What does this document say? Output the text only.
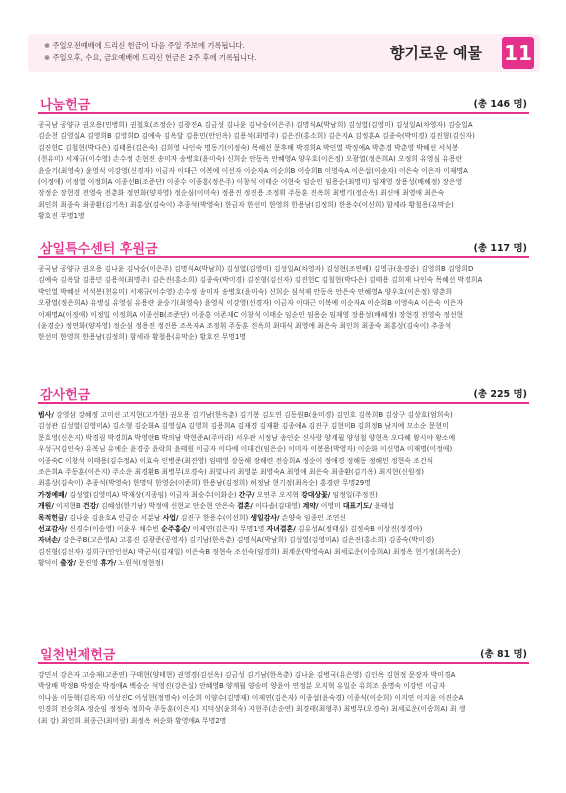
※ 주일오전예배에 드리신 헌금이 다음 주일 주보에 기록됩니다.
※ 주일오후, 수요, 금요예배에 드리신 헌금은 2주 후에 기록됩니다.	향기로운 예물 11
나눔헌금	(총 146 명)
공국남 공양규 권오용(민병희) 권철호(조정순) 김광진A 김금성 김나윤 김낙승(이은주) 김명식A(박남희) 김성열(김영미) 김성일A(차영자) 김승일A
김순천 김영실A 김영희B 김영희D 김예숙 김옥달 김용민(안인옥) 김용석(최명주) 김은진(홍소희) 김은지A 김정훈A 김종숙(박미경) 김진형(김신자)
김진헌C 김철현(박다은) 김태용(김은숙) 김희영 나인숙 명동기(이정숙) 목혜선 문후배 박경희A 박인열 박정예A 박춘경 박춘영 박혜선 서석봉
(천유미) 서재규(이수영) 손수정 손현진 송미자 송병호(윤미숙) 신희순 안동옥 안혜영A 양우호(이은정) 오광열(정은희A) 오정희 유영심 유용란
윤승기(최영숙) 윤영식 이강영(신경자) 이금자 이대근 이복예 이선자 이순자A 이순희B 이승희B 이영숙A 이은섭(이송자) 이은숙 이은자 이재명A
(이정애) 이정열 이정희A 이종선B(조준단) 이종수 이종흥(정은주) 이창석 이태순 이현숙 임순인 임용순(최명미) 임재영 장용성(배혜정) 장은영
장정순 장현경 전영숙 전춘화 정연화(양자영) 정순심(이미숙) 정용진 정진용 조정휘 주동훈 진옥희 최병기(정순옥) 최신애 최영애 최은숙
최인희 최종숙 최종환(김기옥) 최홍상(김숙이) 추종석(박영숙) 한금자 한선미 한영희 한용남(김정희) 한용수(이선희) 함세라 황철용(유막순)
황호진 무명1명
삼일특수센터 후원금	(총 117 명)
공국남 공양규 권오용 김나윤 김낙승(이은주) 김명식A(박남희) 김성열(김영미) 김성일A(차영자) 김성현(조연배) 김영규(윤경중) 김영희B 김영희D
김예숙 김옥달 김용민 김용석(최명주) 김은진(홍소희) 김종숙(박미경) 김진형(김신자) 김진헌C 김철현(박다은) 김태용 김희재 나인숙 목혜선 박경희A
박인열 박혜선 서석봉(천유미) 서재규(이수영) 손수정 송미자 송병호(윤미숙) 신희순 심석재 안동옥 안은숙 안혜영A 양우호(이은정) 양춘희
오광열(정은희A) 유병실 유영심 유용란 윤승기(최영숙) 윤영식 이강영(신경자) 이금자 이대근 이복예 이순자A 이순희B 이영숙A 이은숙 이은자
이재명A(이정애) 이정일 이정희A 이종선B(조준단) 이종흥 이존재C 이창석 이태순 임순인 임용순 임재영 장용성(배혜정) 장현경 전영숙 정선현
(윤경순) 정연화(양자영) 정순심 정용진 정진용 조옥자A 조정휘 주동훈 진옥희 최대식 최영애 최은숙 최인희 최종숙 최홍상(김숙이) 추종석
한선미 한영희 한용남(김정희) 함세라 황철용(유막순) 황호진 무명1명
감사헌금	(총 225 명)
범사/ 강영삼 강혜정 고미선 고지현(고가현) 권오용 김기남(한옥춘) 김기봉 김도연 김동원B(윤미경) 김민호 김복희B 김상구 김상호(엄희숙)
김성관 김성열(김영미A) 김소형 김순화A 김영실A 김영희 김용희A 김재경 김재환 김종애A 김진구 김현미B 김희정B 남지예 모소순 문현미
문호영(신은지) 박경림 박경희A 박영란B 박의남 박현준A(주아라) 서우관 서정남 송인순 신사랑 양계월 양성철 양현옥 오다혜 왕시야 왕소예
우성구(김인숙) 유복님 유예순 윤경중 윤락희 윤태원 이금자 이다예 이대건(임은순) 이미자 이봉용(박영자) 이순화 이신영A 이재명(이정애)
이종숙C 이창석 이태용(김수정A) 이효숙 인병준(최진영) 임태영 장동해 장해련 전승희A 정순이 정애경 정해동 정해민 정현숙 조건식
조은희A 주동훈(이은지) 주소운 최경환B 최병무(오경숙) 최빛나리 최영분 최영숙A 최영애 최은숙 최종환(김기옥) 최지현(신원정)
최홍상(김숙이) 추종석(박영숙) 한명덕 한영순(이준희) 한용남(김정희) 허정남 현기정(최옥순) 홍경란 무명29명
가정예배/ 김성열(김영미A) 박재상(지종임) 이금자 최승수(이화순) 간구/ 오연주 오지혁 강대상꽃/ 임정일(주정진)
개원/ 이지현B 건강/ 김혜성(한기남) 박정애 신현교 안순현 안은숙 결혼/ 이다솔(김대영) 계약/ 이영미 대표기도/ 윤태섭
목적헌금/ 김나윤 김윤호A 인금순 서분남 사업/ 김진구 한용수(이선희) 생일감사/ 손양숙 임종인 조연신
선교감사/ 신경수(이승영) 이윤우 채수빈 순주홍순/ 이제연(김은자) 무명1명 자녀결혼/ 김유성A(정태심) 김정숙B 이상진(정경아)
자녀손/ 강은주B(고은영A) 고홍진 김광준(공영자) 김기남(한옥춘) 김명식A(박남희) 김성열(김영미A) 김은진(홍소희) 김종숙(박미경)
김진형(김신자) 김희구(안인선A) 박군식(김재일) 이은숙B 정현숙 조선숙(임경희) 최계운(박영숙A) 최세로운(이승희A) 최정옥 현기정(최옥순)
황덕이 출장/ 문진영 휴가/ 노원석(정현정)
일천번제헌금	(총 81 명)
강민서 강은자 고승재(고준연) 구태현(양태현) 권영경(김선옥) 김금성 김기남(한옥춘) 김나윤 김병국(유은영) 김인옥 김현정 문장자 박미경A
박상배 박정B 박정순 박정애A 백승순 석영진(강은실) 안혜영B 양계월 양승비 양윤아 연정분 오지혁 유일순 유희조 윤명숙 이강빈 이금자
이나음 이동혁(김옥자) 이상진C 이성현(정명숙) 이순희 이양수(김명재) 이제연(김은자) 이종섭(윤숙경) 이종식(이순희) 이지연 이지음 이진순A
인경희 전승희A 정순임 정정숙 정희숙 주동훈(이은지) 지덕상(윤희숙) 지현주(손순연) 최경태(최형주) 최병무(오경숙) 최세로운(이승희A) 최 생
(최 강) 최인희 최종근(최미랑) 최정옥 허순화 황영애A 무명2명
